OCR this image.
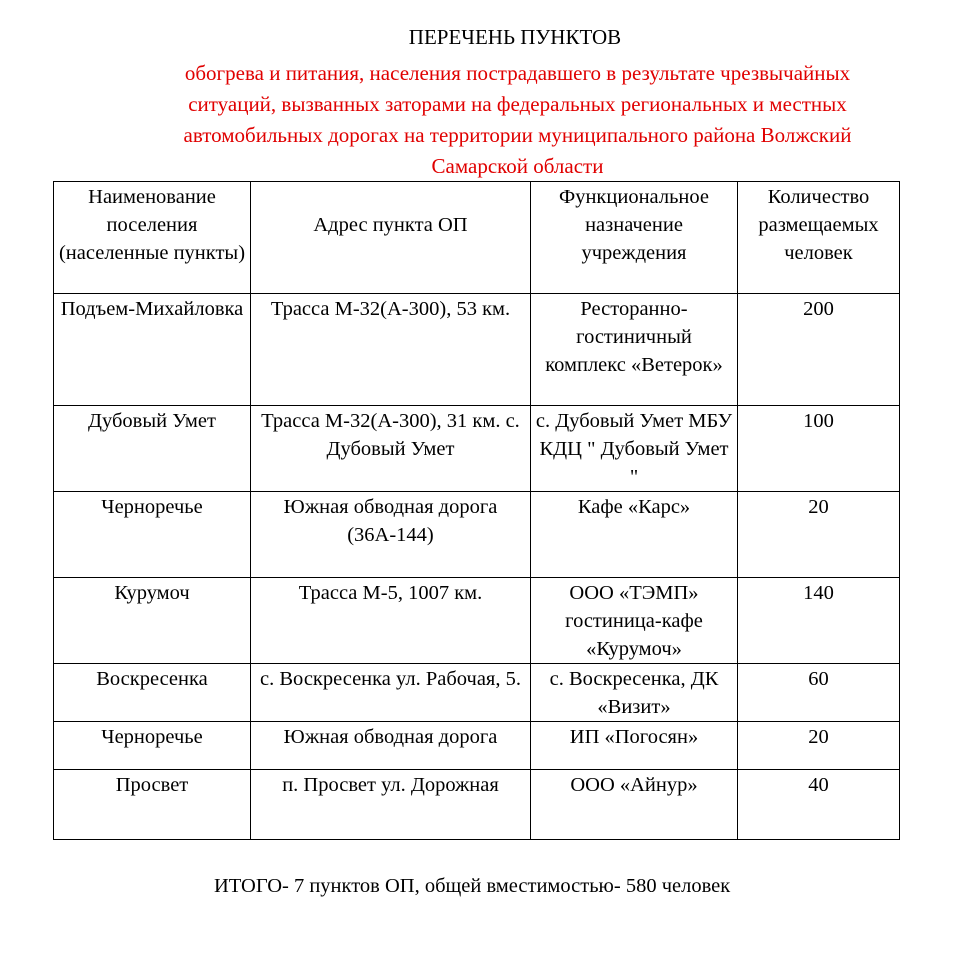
ПЕРЕЧЕНЬ ПУНКТОВ
обогрева и питания, населения пострадавшего в результате чрезвычайных
ситуаций, вызванных заторами на федеральных региональных и местных
автомобильных дорогах на территории муниципального района Волжский
Самарской области
Наименование поселения (населенные пункты)	Адрес пункта ОП	Функциональное назначение учреждения	Количество размещаемых человек
Подъем-Михайловка	Трасса М-32(А-300), 53 км.	Ресторанно-гостиничный комплекс «Ветерок»	200
Дубовый Умет	Трасса М-32(А-300), 31 км. с. Дубовый Умет	с. Дубовый Умет МБУ КДЦ " Дубовый Умет "	100
Черноречье	Южная обводная дорога (36А-144)	Кафе «Карс»	20
Курумоч	Трасса М-5, 1007 км.	ООО «ТЭМП» гостиница-кафе «Курумоч»	140
Воскресенка	с. Воскресенка ул. Рабочая, 5.	с. Воскресенка, ДК «Визит»	60
Черноречье	Южная обводная дорога	ИП «Погосян»	20
Просвет	п. Просвет ул. Дорожная	ООО «Айнур»	40
ИТОГО- 7 пунктов ОП, общей вместимостью- 580 человек
